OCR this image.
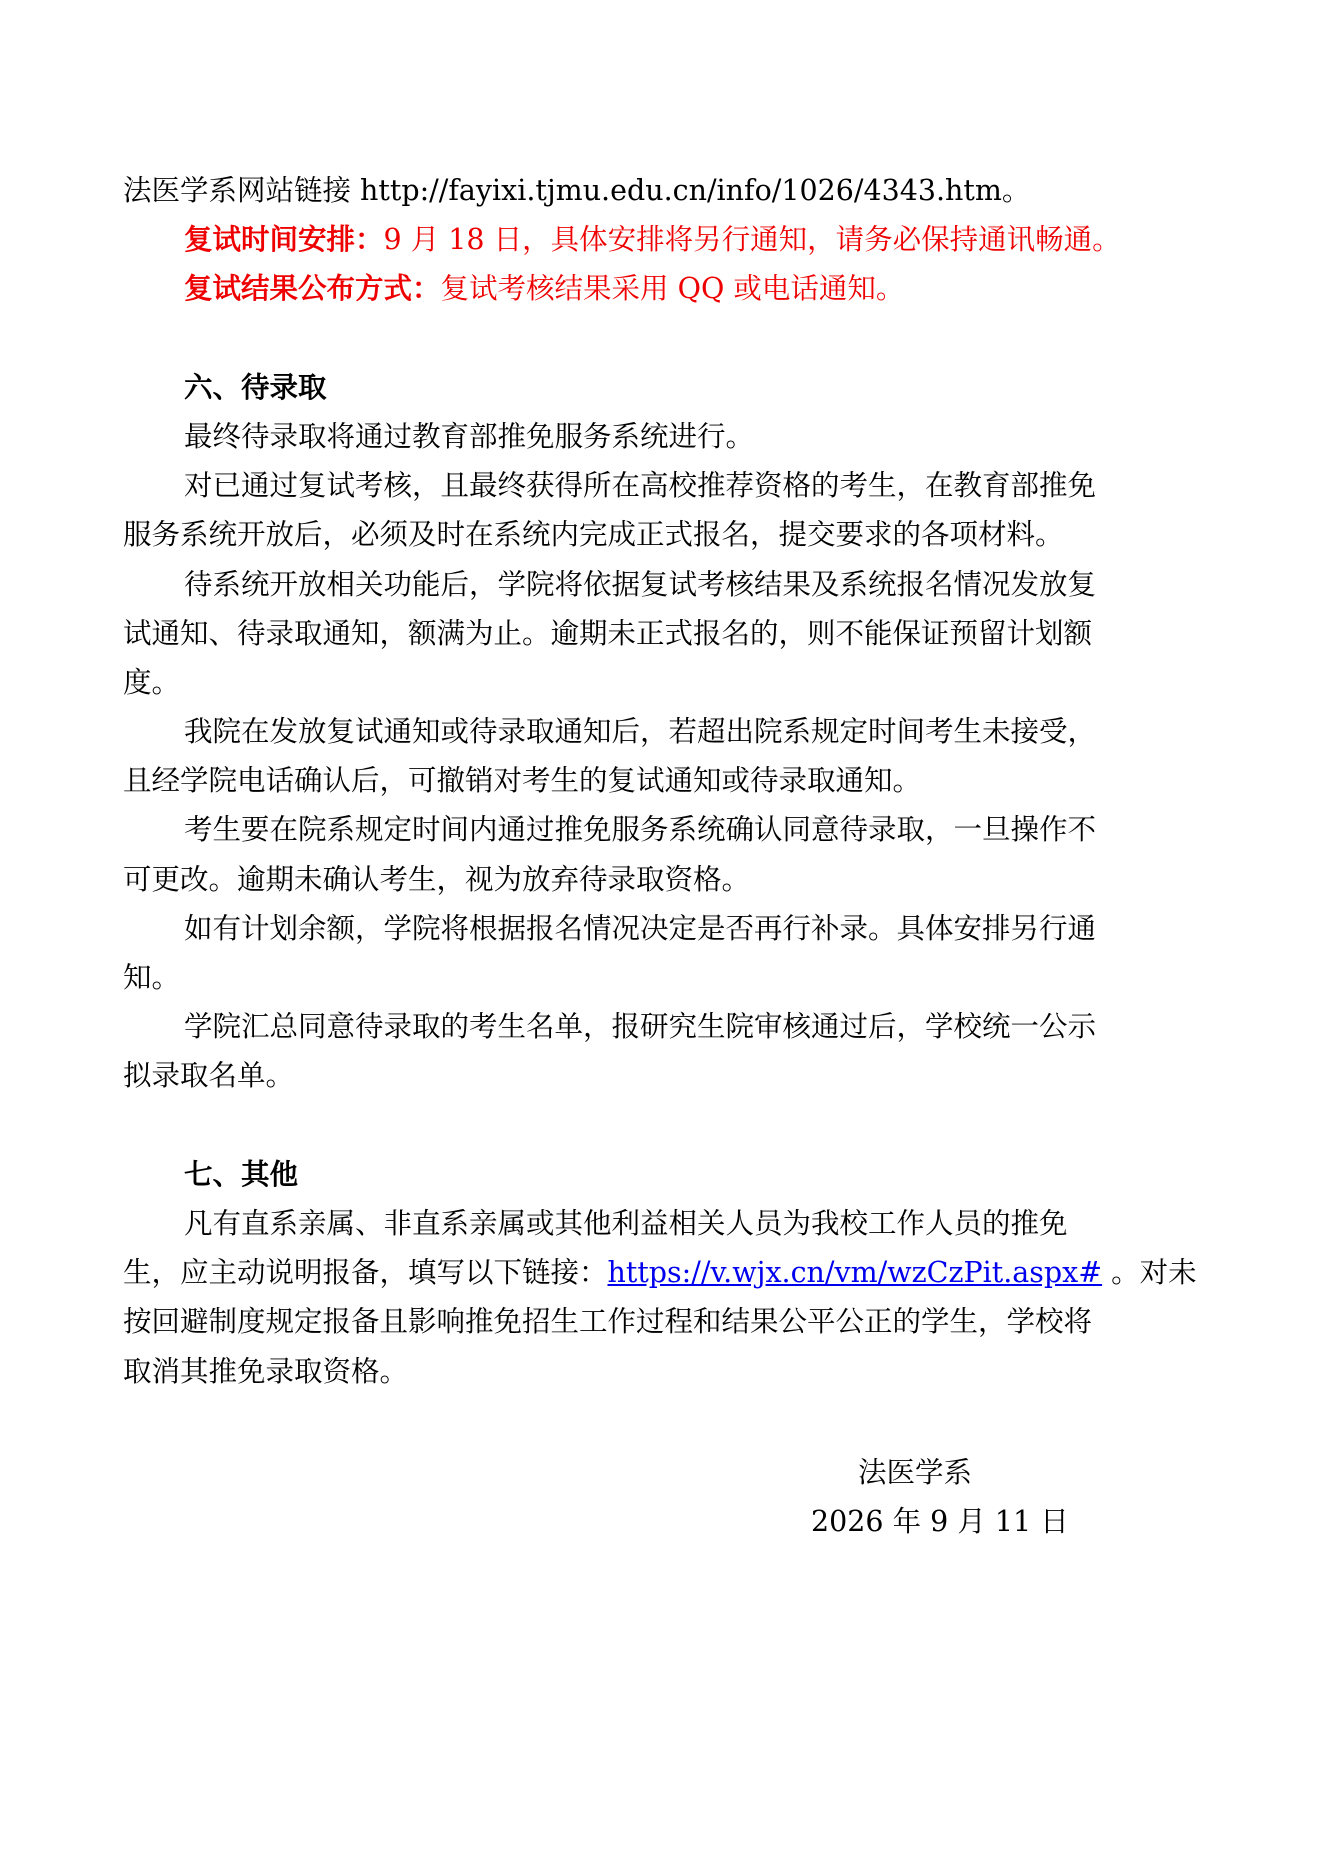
法医学系网站链接 http://fayixi.tjmu.edu.cn/info/1026/4343.htm。
复试时间安排：9 月 18 日，具体安排将另行通知，请务必保持通讯畅通。
复试结果公布方式：复试考核结果采用 QQ 或电话通知。
六、待录取
最终待录取将通过教育部推免服务系统进行。
对已通过复试考核，且最终获得所在高校推荐资格的考生，在教育部推免
服务系统开放后，必须及时在系统内完成正式报名，提交要求的各项材料。
待系统开放相关功能后，学院将依据复试考核结果及系统报名情况发放复
试通知、待录取通知，额满为止。逾期未正式报名的，则不能保证预留计划额
度。
我院在发放复试通知或待录取通知后，若超出院系规定时间考生未接受，
且经学院电话确认后，可撤销对考生的复试通知或待录取通知。
考生要在院系规定时间内通过推免服务系统确认同意待录取，一旦操作不
可更改。逾期未确认考生，视为放弃待录取资格。
如有计划余额，学院将根据报名情况决定是否再行补录。具体安排另行通
知。
学院汇总同意待录取的考生名单，报研究生院审核通过后，学校统一公示
拟录取名单。
七、其他
凡有直系亲属、非直系亲属或其他利益相关人员为我校工作人员的推免
生，应主动说明报备，填写以下链接：https://v.wjx.cn/vm/wzCzPit.aspx# 。对未
按回避制度规定报备且影响推免招生工作过程和结果公平公正的学生，学校将
取消其推免录取资格。
法医学系
2026 年 9 月 11 日
